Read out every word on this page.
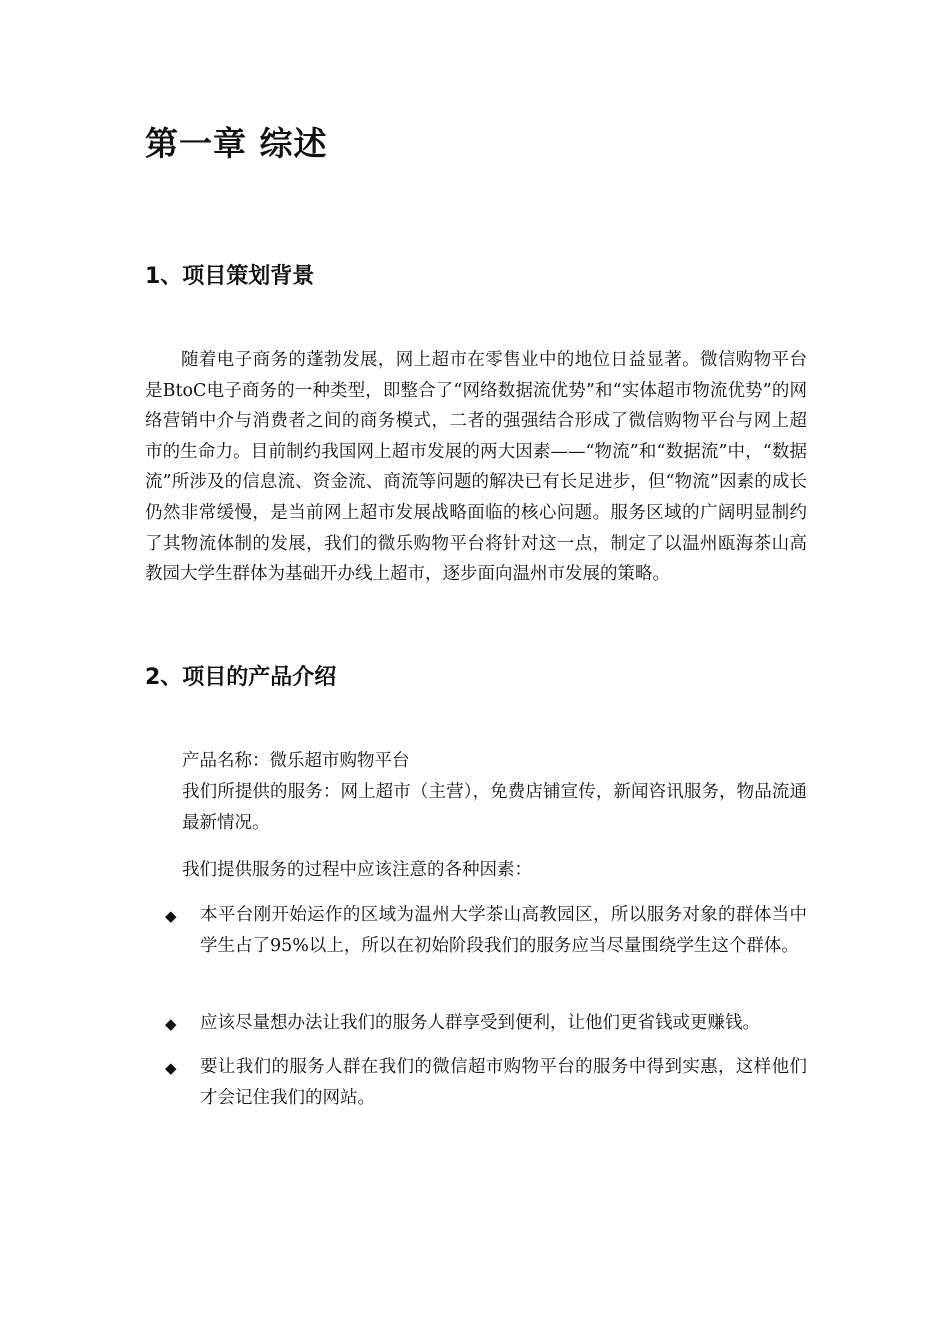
第一章 综述
1、项目策划背景

随着电子商务的蓬勃发展，网上超市在零售业中的地位日益显著。微信购物平台是BtoC电子商务的一种类型，即整合了“网络数据流优势”和“实体超市物流优势”的网络营销中介与消费者之间的商务模式，二者的强强结合形成了微信购物平台与网上超市的生命力。目前制约我国网上超市发展的两大因素——“物流”和“数据流”中，“数据流”所涉及的信息流、资金流、商流等问题的解决已有长足进步，但“物流”因素的成长仍然非常缓慢，是当前网上超市发展战略面临的核心问题。服务区域的广阔明显制约了其物流体制的发展，我们的微乐购物平台将针对这一点，制定了以温州瓯海茶山高教园大学生群体为基础开办线上超市，逐步面向温州市发展的策略。

2、项目的产品介绍

产品名称：微乐超市购物平台

我们所提供的服务：网上超市（主营），免费店铺宣传，新闻咨讯服务，物品流通最新情况。

我们提供服务的过程中应该注意的各种因素：

◆ 本平台刚开始运作的区域为温州大学茶山高教园区，所以服务对象的群体当中学生占了95%以上，所以在初始阶段我们的服务应当尽量围绕学生这个群体。

◆ 应该尽量想办法让我们的服务人群享受到便利，让他们更省钱或更赚钱。

◆ 要让我们的服务人群在我们的微信超市购物平台的服务中得到实惠，这样他们才会记住我们的网站。
